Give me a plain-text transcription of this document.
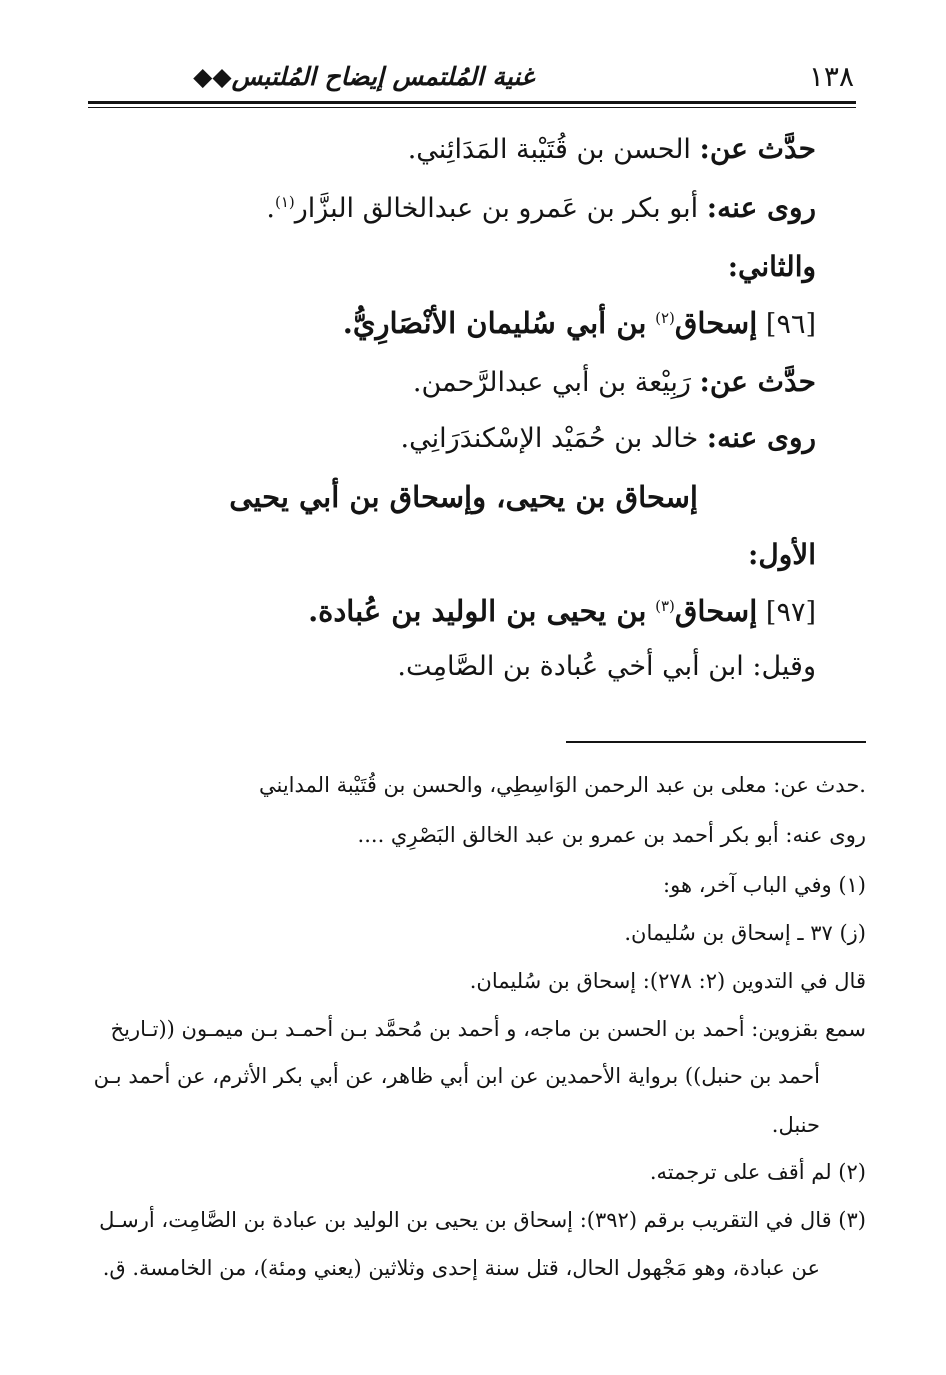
١٣٨
غنية المُلتمس إيضاح المُلتبس◆◆
حدَّث عن: الحسن بن قُتَيْبة المَدَائِني.
روى عنه: أبو بكر بن عَمرو بن عبدالخالق البزَّار$^{(١)}$.
والثاني:
[٩٦] إسحاق$^{(٢)}$ بن أبي سُليمان الأنْصَارِيُّ.
حدَّث عن: رَبِيْعة بن أبي عبدالرَّحمن.
روى عنه: خالد بن حُمَيْد الإسْكندَرَانِي.
إسحاق بن يحيى، وإسحاق بن أبي يحيى
الأول:
[٩٧] إسحاق$^{(٣)}$ بن يحيى بن الوليد بن عُبادة.
وقيل: ابن أبي أخي عُبادة بن الصَّامِت.
.حدث عن: معلى بن عبد الرحمن الوَاسِطِي، والحسن بن قُتَيْبة المدايني
روى عنه: أبو بكر أحمد بن عمرو بن عبد الخالق البَصْرِي ....
(١) وفي الباب آخر، هو:
(ز) ٣٧ ـ إسحاق بن سُليمان.
قال في التدوين (٢: ٢٧٨): إسحاق بن سُليمان.
سمع بقزوين: أحمد بن الحسن بن ماجه، و أحمد بن مُحمَّد بـن أحمـد بـن ميمـون ((تـاريخ
أحمد بن حنبل)) برواية الأحمدين عن ابن أبي ظاهر، عن أبي بكر الأثرم، عن أحمد بـن
حنبل.
(٢) لم أقف على ترجمته.
(٣) قال في التقريب برقم (٣٩٢): إسحاق بن يحيى بن الوليد بن عبادة بن الصَّامِت، أرسـل
عن عبادة، وهو مَجْهول الحال، قتل سنة إحدى وثلاثين (يعني ومئة)، من الخامسة. ق.
